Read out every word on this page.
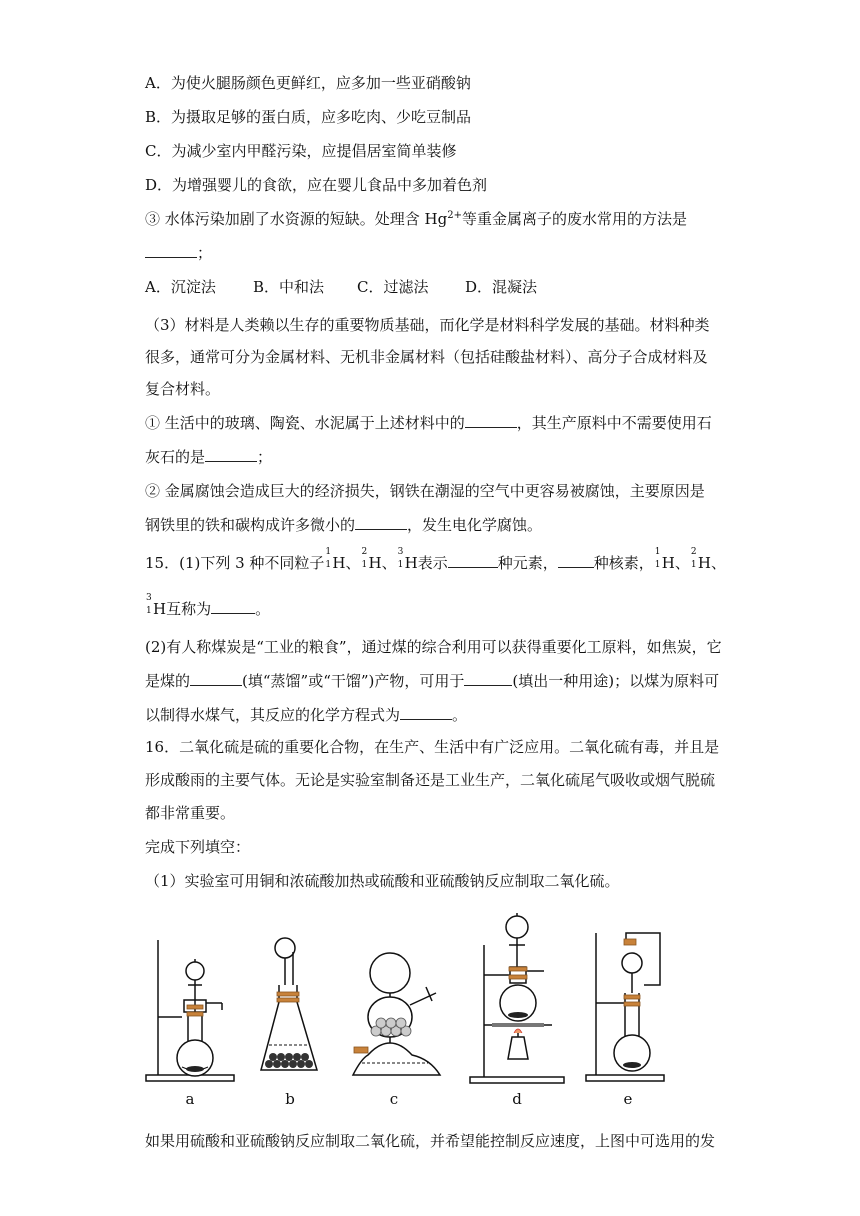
A．为使火腿肠颜色更鲜红，应多加一些亚硝酸钠
B．为摄取足够的蛋白质，应多吃肉、少吃豆制品
C．为减少室内甲醛污染，应提倡居室简单装修
D．为增强婴儿的食欲，应在婴儿食品中多加着色剂
③ 水体污染加剧了水资源的短缺。处理含 $Hg^{2+}$等重金属离子的废水常用的方法是
；
A．沉淀法 B．中和法 C．过滤法 D．混凝法
（3）材料是人类赖以生存的重要物质基础，而化学是材料科学发展的基础。材料种类
很多，通常可分为金属材料、无机非金属材料（包括硅酸盐材料）、高分子合成材料及
复合材料。
① 生活中的玻璃、陶瓷、水泥属于上述材料中的	，其生产原料中不需要使用石
灰石的是	；
② 金属腐蚀会造成巨大的经济损失，钢铁在潮湿的空气中更容易被腐蚀，主要原因是
钢铁里的铁和碳构成许多微小的	，发生电化学腐蚀。
15．(1)下列 3 种不同粒子
1
1 H、
2
1 H、
3
1 H表示	种元素， 种核素，
1
1 H、
2
1 H、
3
1 H互称为	。
(2)有人称煤炭是“工业的粮食”，通过煤的综合利用可以获得重要化工原料，如焦炭，它
是煤的	(填“蒸馏”或“干馏”)产物，可用于	(填出一种用途)；以煤为原料可
以制得水煤气，其反应的化学方程式为	。
16．二氧化硫是硫的重要化合物，在生产、生活中有广泛应用。二氧化硫有毒，并且是
形成酸雨的主要气体。无论是实验室制备还是工业生产，二氧化硫尾气吸收或烟气脱硫
都非常重要。
完成下列填空：
（1）实验室可用铜和浓硫酸加热或硫酸和亚硫酸钠反应制取二氧化硫。
a	b	c	d	e
如果用硫酸和亚硫酸钠反应制取二氧化硫，并希望能控制反应速度，上图中可选用的发
